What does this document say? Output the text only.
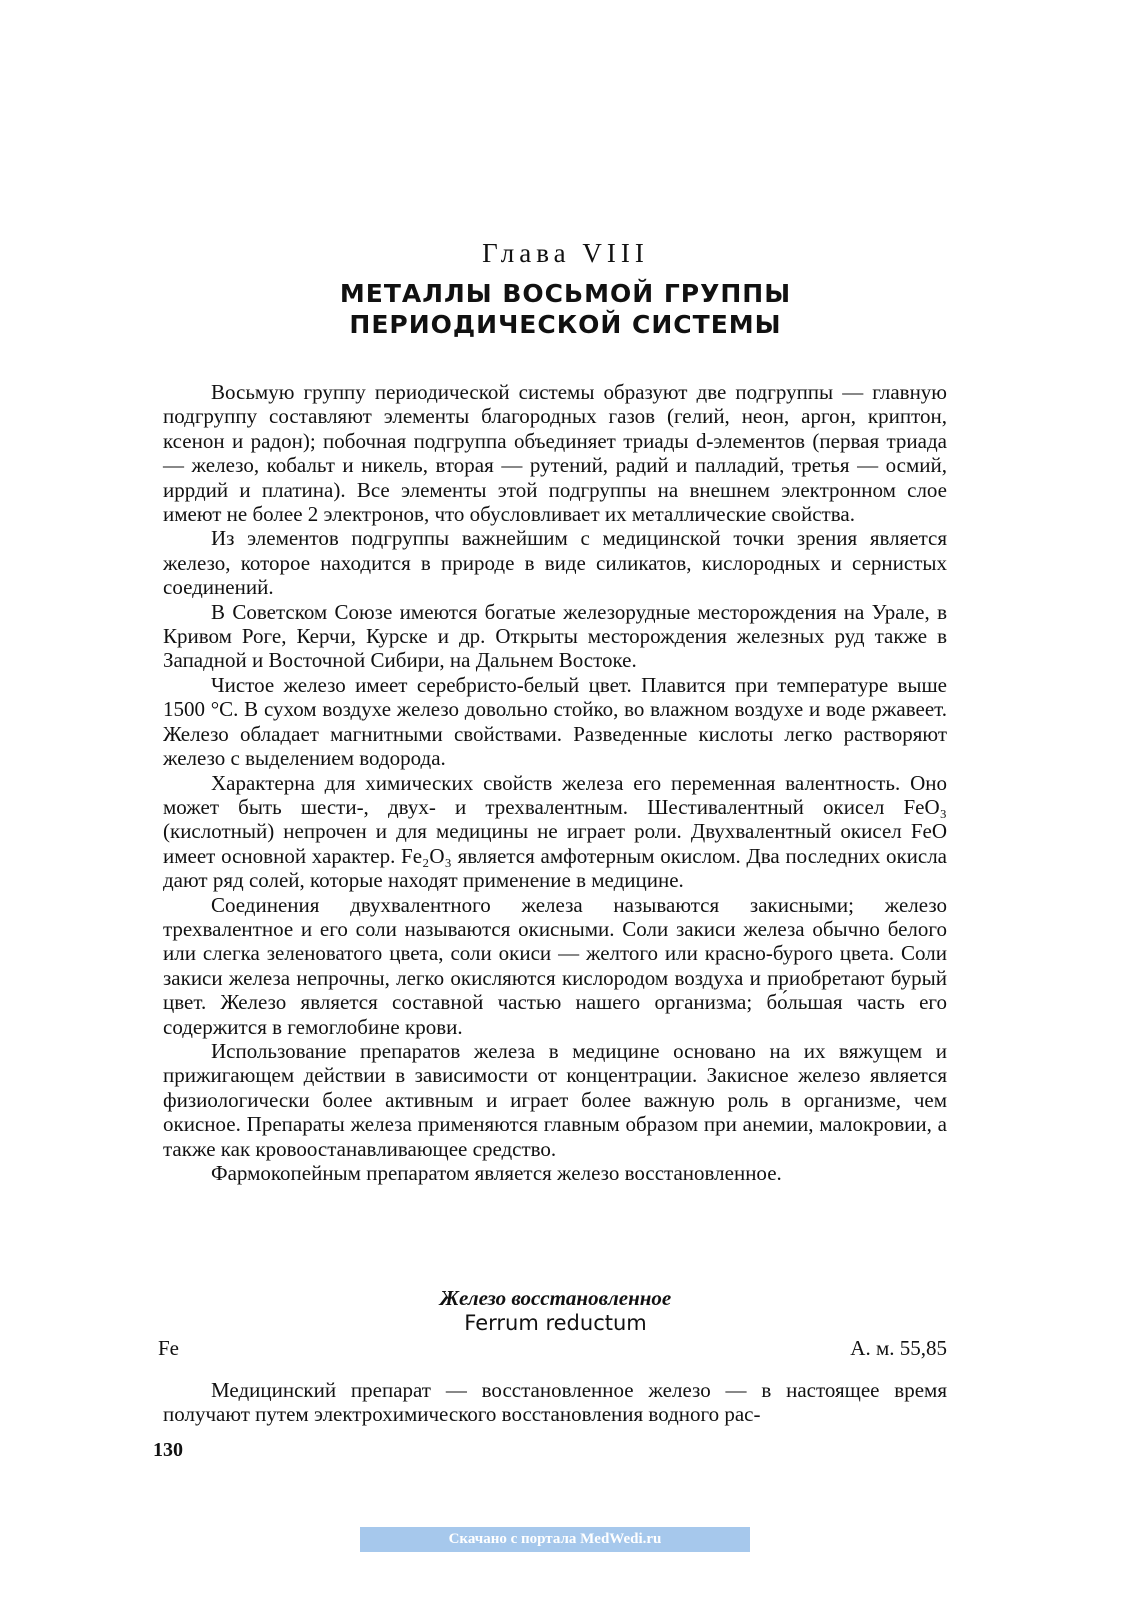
Глава VIII
МЕТАЛЛЫ ВОСЬМОЙ ГРУППЫ
ПЕРИОДИЧЕСКОЙ СИСТЕМЫ

Восьмую группу периодической системы образуют две подгруппы — главную подгруппу составляют элементы благородных газов (гелий, неон, аргон, криптон, ксенон и радон); побочная подгруппа объединяет триады d-элементов (первая триада — железо, кобальт и никель, вторая — рутений, радий и палладий, третья — осмий, иррдий и платина). Все элементы этой подгруппы на внешнем электронном слое имеют не более 2 электронов, что обусловливает их металлические свойства.

Из элементов подгруппы важнейшим с медицинской точки зрения является железо, которое находится в природе в виде силикатов, кислородных и сернистых соединений.

В Советском Союзе имеются богатые железорудные месторождения на Урале, в Кривом Роге, Керчи, Курске и др. Открыты месторождения железных руд также в Западной и Восточной Сибири, на Дальнем Востоке.

Чистое железо имеет серебристо-белый цвет. Плавится при температуре выше 1500 °С. В сухом воздухе железо довольно стойко, во влажном воздухе и воде ржавеет. Железо обладает магнитными свойствами. Разведенные кислоты легко растворяют железо с выделением водорода.

Характерна для химических свойств железа его переменная валентность. Оно может быть шести-, двух- и трехвалентным. Шестивалентный окисел FeO₃ (кислотный) непрочен и для медицины не играет роли. Двухвалентный окисел FeO имеет основной характер. Fe₂O₃ является амфотерным окислом. Два последних окисла дают ряд солей, которые находят применение в медицине.

Соединения двухвалентного железа называются закисными; железо трехвалентное и его соли называются окисными. Соли закиси железа обычно белого или слегка зеленоватого цвета, соли окиси — желтого или красно-бурого цвета. Соли закиси железа непрочны, легко окисляются кислородом воздуха и приобретают бурый цвет. Железо является составной частью нашего организма; бо́льшая часть его содержится в гемоглобине крови.

Использование препаратов железа в медицине основано на их вяжущем и прижигающем действии в зависимости от концентрации. Закисное железо является физиологически более активным и играет более важную роль в организме, чем окисное. Препараты железа применяются главным образом при анемии, малокровии, а также как кровоостанавливающее средство.

Фармокопейным препаратом является железо восстановленное.

Железо восстановленное
Ferrum reductum
Fe	А. м. 55,85

Медицинский препарат — восстановленное железо — в настоящее время получают путем электрохимического восстановления водного рас-

130
Скачано с портала MedWedi.ru
